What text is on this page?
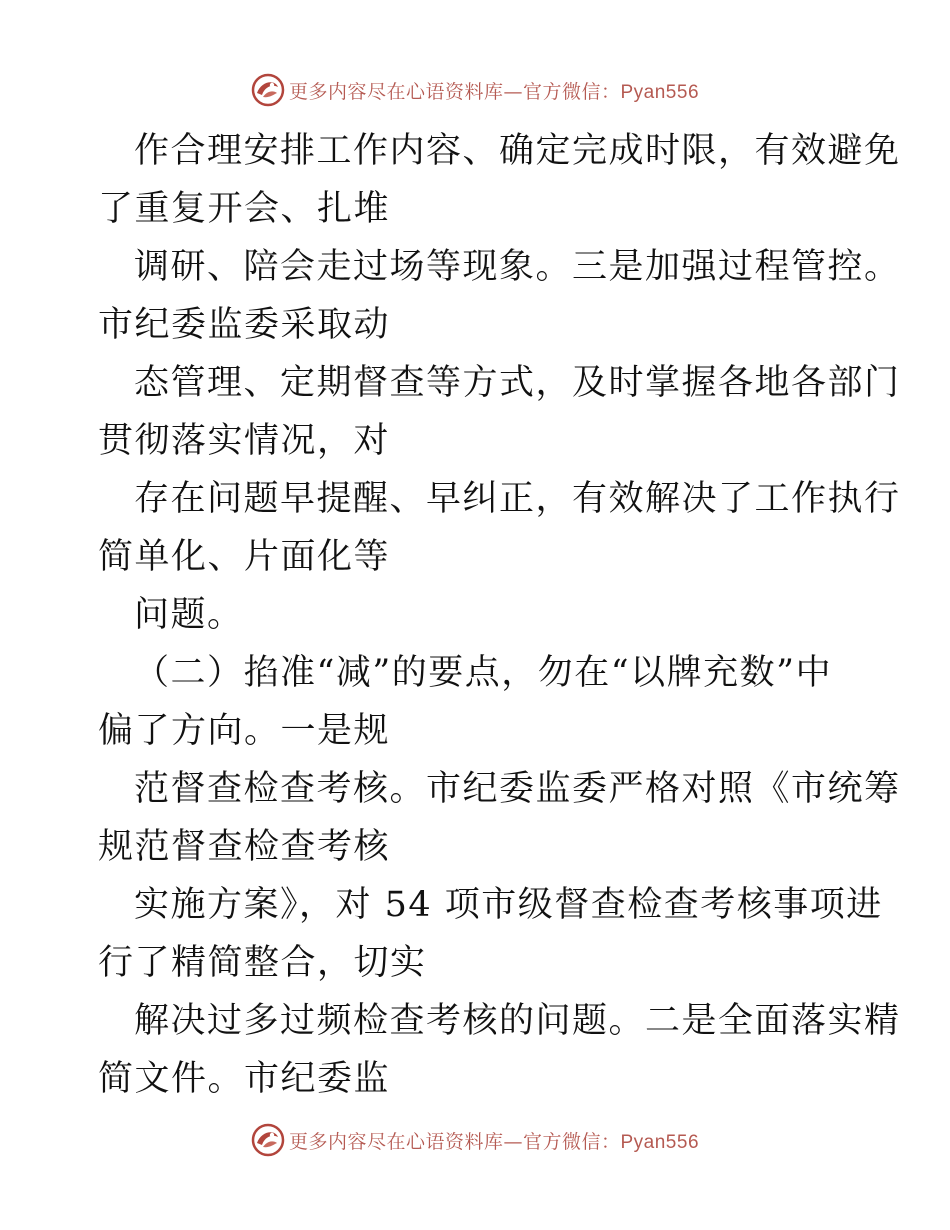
更多内容尽在心语资料库—官方微信：Pyan556
作合理安排工作内容、确定完成时限，有效避免
了重复开会、扎堆
调研、陪会走过场等现象。三是加强过程管控。
市纪委监委采取动
态管理、定期督查等方式，及时掌握各地各部门
贯彻落实情况，对
存在问题早提醒、早纠正，有效解决了工作执行
简单化、片面化等
问题。
（二）掐准“减”的要点，勿在“以牌充数”中
偏了方向。一是规
范督查检查考核。市纪委监委严格对照《市统筹
规范督查检查考核
实施方案》，对 54 项市级督查检查考核事项进
行了精简整合，切实
解决过多过频检查考核的问题。二是全面落实精
简文件。市纪委监
更多内容尽在心语资料库—官方微信：Pyan556
